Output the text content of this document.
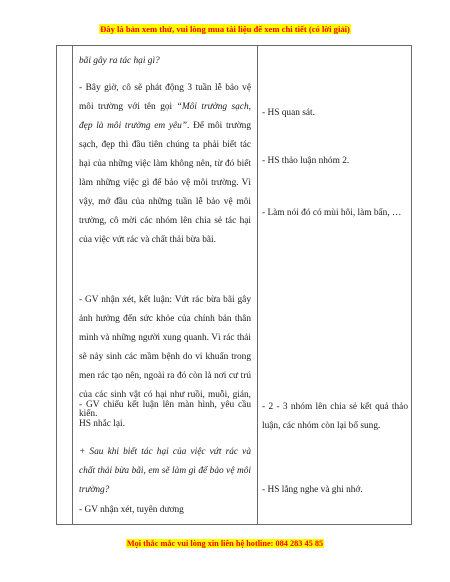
Đây là bản xem thử, vui lòng mua tài liệu để xem chi tiết (có lời giải)
bãi gây ra tác hại gì?
- Bây giờ, cô sẽ phát động 3 tuần lễ bảo vệ môi trường với tên gọi “Môi trường sạch, đẹp là môi trường em yêu”. Để môi trường sạch, đẹp thì đầu tiên chúng ta phải biết tác hại của những việc làm không nên, từ đó biết làm những việc gì để bảo vệ môi trường. Vì vậy, mở đầu của những tuần lễ bảo vệ môi trường, cô mời các nhóm lên chia sẻ tác hại của việc vứt rác và chất thải bừa bãi.
- GV nhận xét, kết luận: Vứt rác bừa bãi gây ảnh hưởng đến sức khỏe của chính bản thân mình và những người xung quanh. Vì rác thải sẽ nảy sinh các mầm bệnh do vi khuẩn trong men rác tạo nên, ngoài ra đó còn là nơi cư trú của các sinh vật có hại như ruồi, muỗi, gián, kiến.
- GV chiếu kết luận lên màn hình, yêu cầu HS nhắc lại.
+ Sau khi biết tác hại của việc vứt rác và chất thải bừa bãi, em sẽ làm gì để bảo vệ môi trường?
- GV nhận xét, tuyên dương
- HS quan sát.
- HS thảo luận nhóm 2.
- Làm nói đó có mùi hôi, làm bẩn, …
- 2 - 3 nhóm lên chia sẻ kết quả thảo luận, các nhóm còn lại bổ sung.
- HS lắng nghe và ghi nhớ.
Mọi thắc mắc vui lòng xin liên hệ hotline: 084 283 45 85
